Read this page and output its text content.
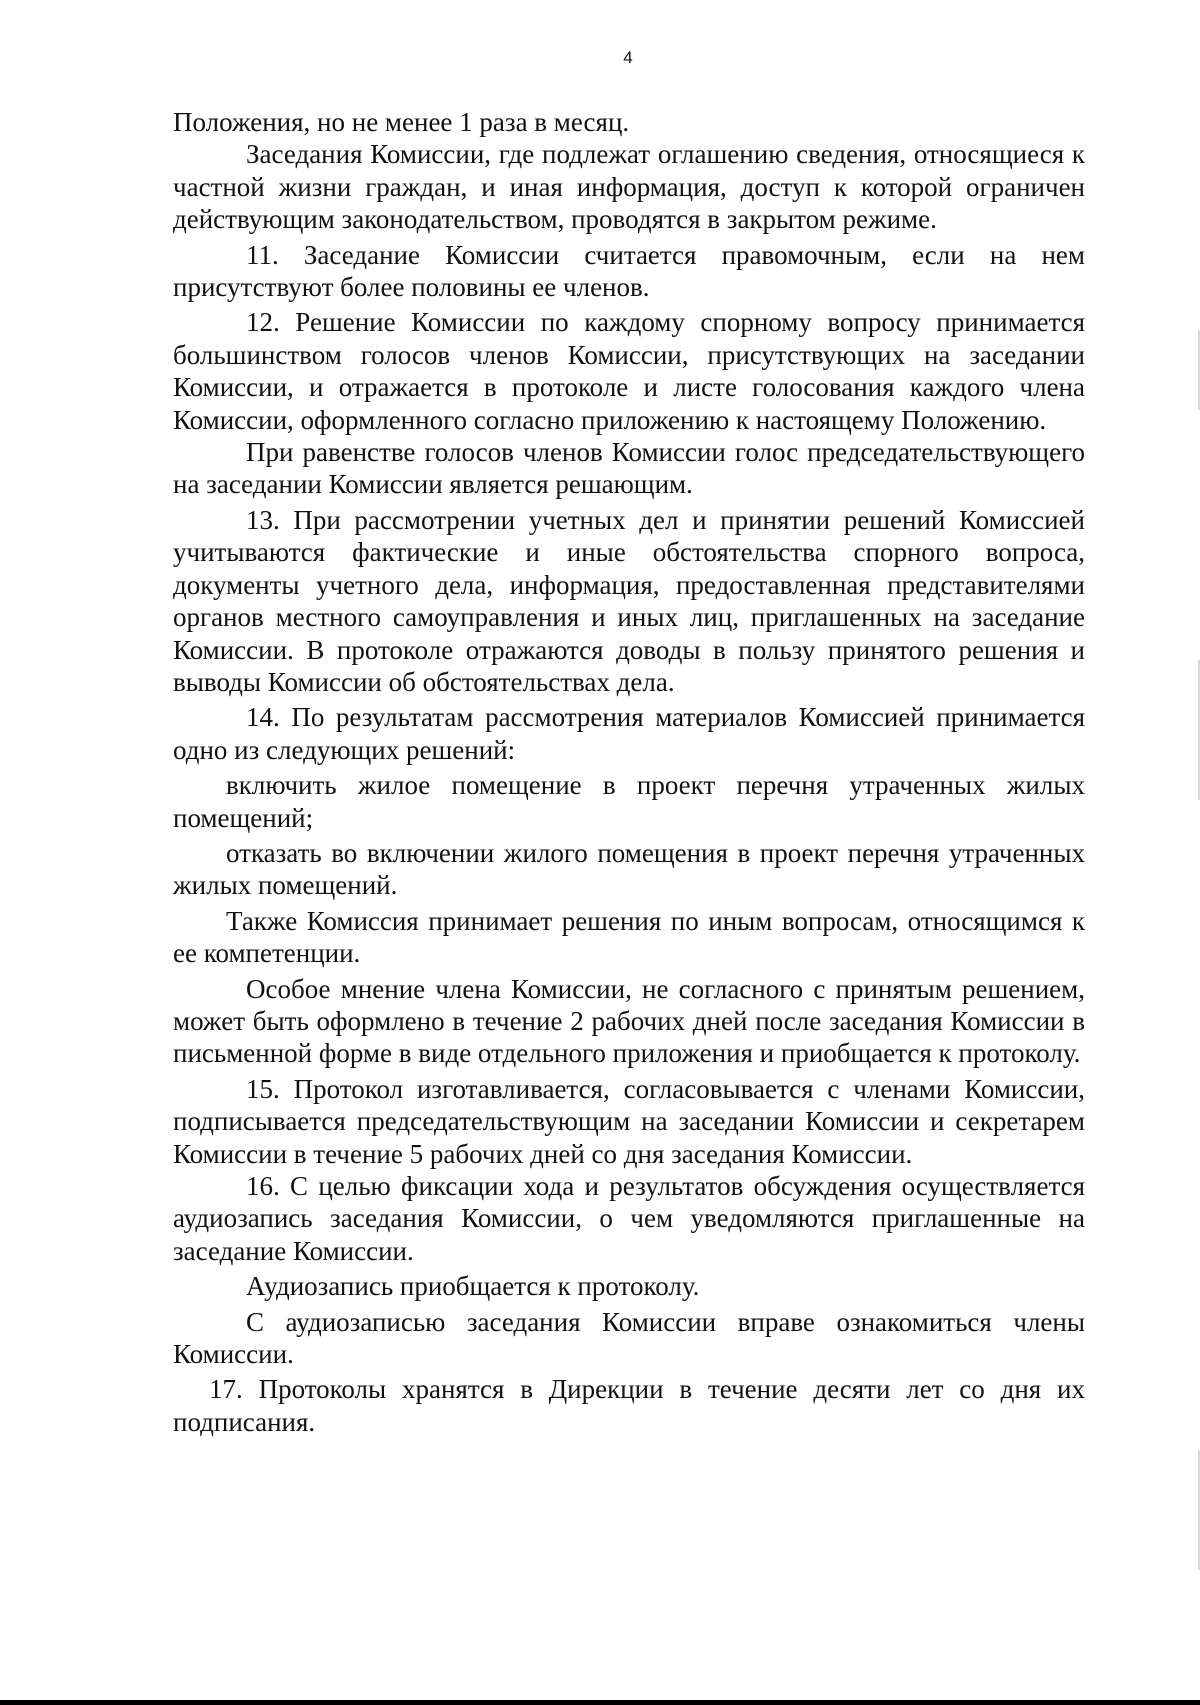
4

Положения, но не менее 1 раза в месяц.

Заседания Комиссии, где подлежат оглашению сведения, относящиеся к частной жизни граждан, и иная информация, доступ к которой ограничен действующим законодательством, проводятся в закрытом режиме.

11. Заседание Комиссии считается правомочным, если на нем присутствуют более половины ее членов.

12. Решение Комиссии по каждому спорному вопросу принимается большинством голосов членов Комиссии, присутствующих на заседании Комиссии, и отражается в протоколе и листе голосования каждого члена Комиссии, оформленного согласно приложению к настоящему Положению.

При равенстве голосов членов Комиссии голос председательствующего на заседании Комиссии является решающим.

13. При рассмотрении учетных дел и принятии решений Комиссией учитываются фактические и иные обстоятельства спорного вопроса, документы учетного дела, информация, предоставленная представителями органов местного самоуправления и иных лиц, приглашенных на заседание Комиссии. В протоколе отражаются доводы в пользу принятого решения и выводы Комиссии об обстоятельствах дела.

14. По результатам рассмотрения материалов Комиссией принимается одно из следующих решений:

включить жилое помещение в проект перечня утраченных жилых помещений;

отказать во включении жилого помещения в проект перечня утраченных жилых помещений.

Также Комиссия принимает решения по иным вопросам, относящимся к ее компетенции.

Особое мнение члена Комиссии, не согласного с принятым решением, может быть оформлено в течение 2 рабочих дней после заседания Комиссии в письменной форме в виде отдельного приложения и приобщается к протоколу.

15. Протокол изготавливается, согласовывается с членами Комиссии, подписывается председательствующим на заседании Комиссии и секретарем Комиссии в течение 5 рабочих дней со дня заседания Комиссии.

16. С целью фиксации хода и результатов обсуждения осуществляется аудиозапись заседания Комиссии, о чем уведомляются приглашенные на заседание Комиссии.

Аудиозапись приобщается к протоколу.

С аудиозаписью заседания Комиссии вправе ознакомиться члены Комиссии.

17. Протоколы хранятся в Дирекции в течение десяти лет со дня их подписания.
